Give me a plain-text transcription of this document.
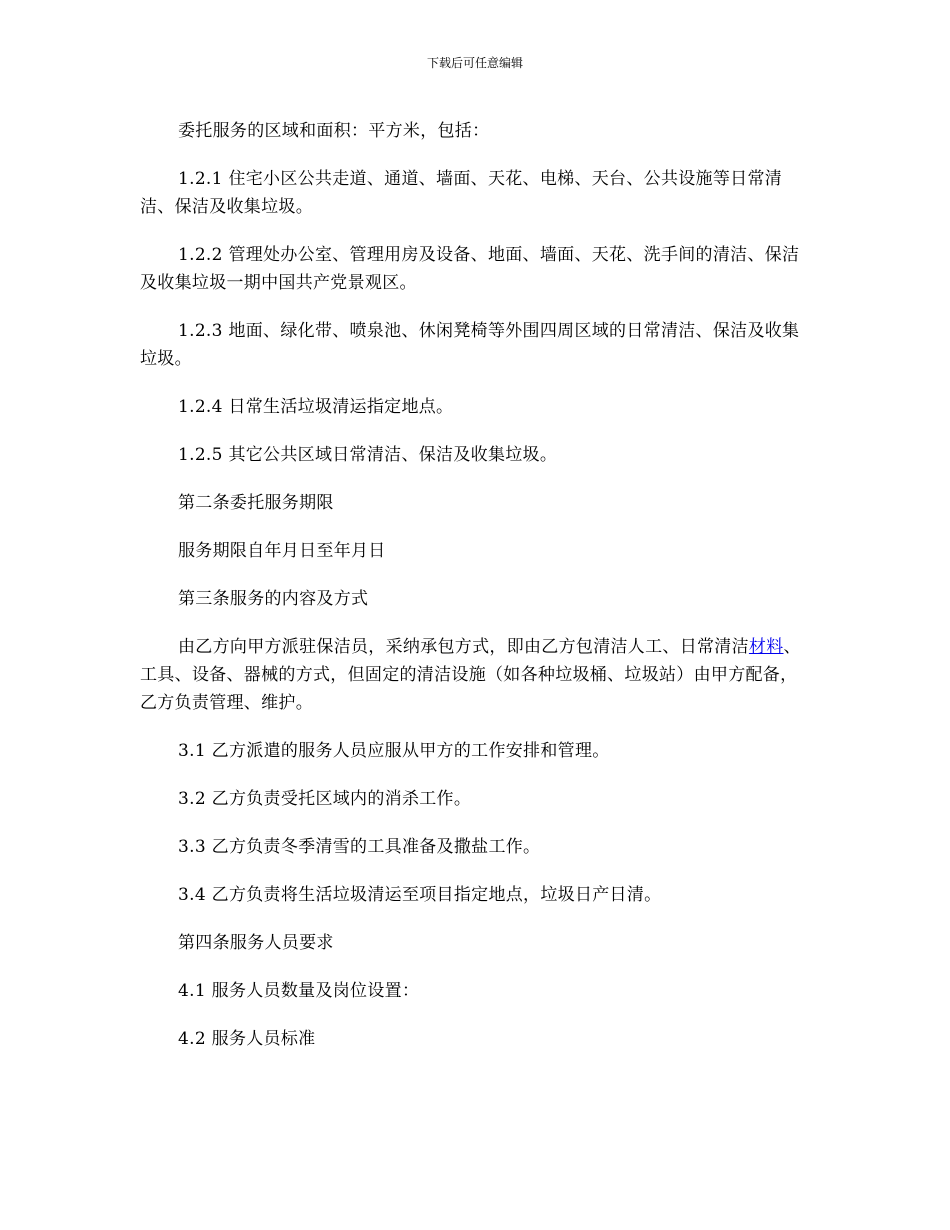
下载后可任意编辑

委托服务的区域和面积：平方米，包括：

1.2.1 住宅小区公共走道、通道、墙面、天花、电梯、天台、公共设施等日常清洁、保洁及收集垃圾。

1.2.2 管理处办公室、管理用房及设备、地面、墙面、天花、洗手间的清洁、保洁及收集垃圾一期中国共产党景观区。

1.2.3 地面、绿化带、喷泉池、休闲凳椅等外围四周区域的日常清洁、保洁及收集垃圾。

1.2.4 日常生活垃圾清运指定地点。

1.2.5 其它公共区域日常清洁、保洁及收集垃圾。

第二条委托服务期限

服务期限自年月日至年月日

第三条服务的内容及方式

由乙方向甲方派驻保洁员，采纳承包方式，即由乙方包清洁人工、日常清洁材料、工具、设备、器械的方式，但固定的清洁设施（如各种垃圾桶、垃圾站）由甲方配备，乙方负责管理、维护。

3.1 乙方派遣的服务人员应服从甲方的工作安排和管理。

3.2 乙方负责受托区域内的消杀工作。

3.3 乙方负责冬季清雪的工具准备及撒盐工作。

3.4 乙方负责将生活垃圾清运至项目指定地点，垃圾日产日清。

第四条服务人员要求

4.1 服务人员数量及岗位设置：

4.2 服务人员标准
